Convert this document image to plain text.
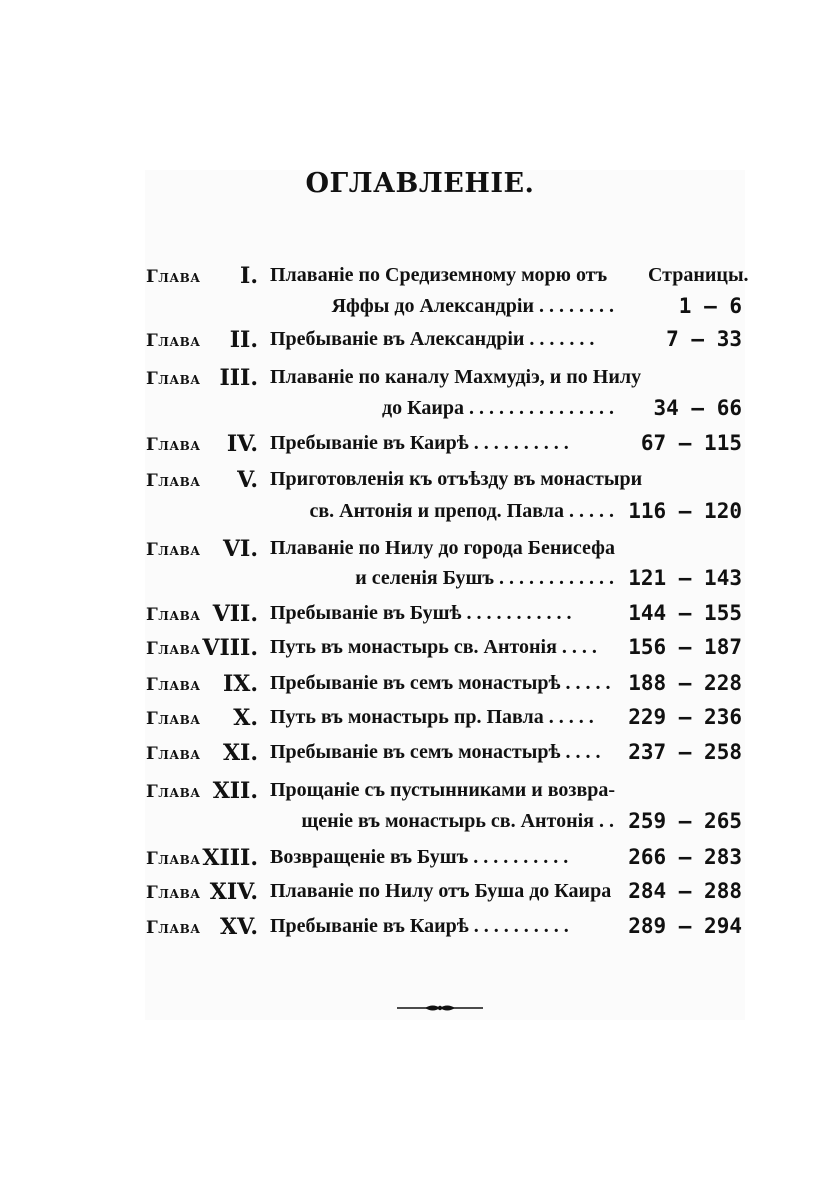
ОГЛАВЛЕНІЕ.
Глава	I. Плаваніе по Средиземному морю отъ Страницы.
Яффы до Александріи . . . . . . . .	1 — 6
Глава	II. Пребываніе въ Александріи . . . . . . .	7 — 33
Глава III. Плаваніе по каналу Махмудіэ, и по Нилу
до Каира . . . . . . . . . . . . . . .	34 — 66
Глава	IV. Пребываніе въ Каирѣ . . . . . . . . . .	67 — 115
Глава	V. Приготовленія къ отъѣзду въ монастыри
св. Антонія и препод. Павла . . . . . 116 — 120
Глава	VI. Плаваніе по Нилу до города Бенисефа
и селенія Бушъ . . . . . . . . . . . . 121 — 143
Глава VII. Пребываніе въ Бушѣ . . . . . . . . . . .	144 — 155
Глава VIII. Путь въ монастырь св. Антонія . . . . 156 — 187
Глава	IX. Пребываніе въ семъ монастырѣ . . . . . 188 — 228
Глава	X. Путь въ монастырь пр. Павла . . . . . 229 — 236
Глава	XI. Пребываніе въ семъ монастырѣ . . . . 237 — 258
Глава XII. Прощаніе съ пустынниками и возвра-
щеніе въ монастырь св. Антонія . . 259 — 265
Глава XIII. Возвращеніе въ Бушъ . . . . . . . . . .	266 — 283
Глава XIV. Плаваніе по Нилу отъ Буша до Каира 284 — 288
Глава XV. Пребываніе въ Каирѣ . . . . . . . . . .	289 — 294
